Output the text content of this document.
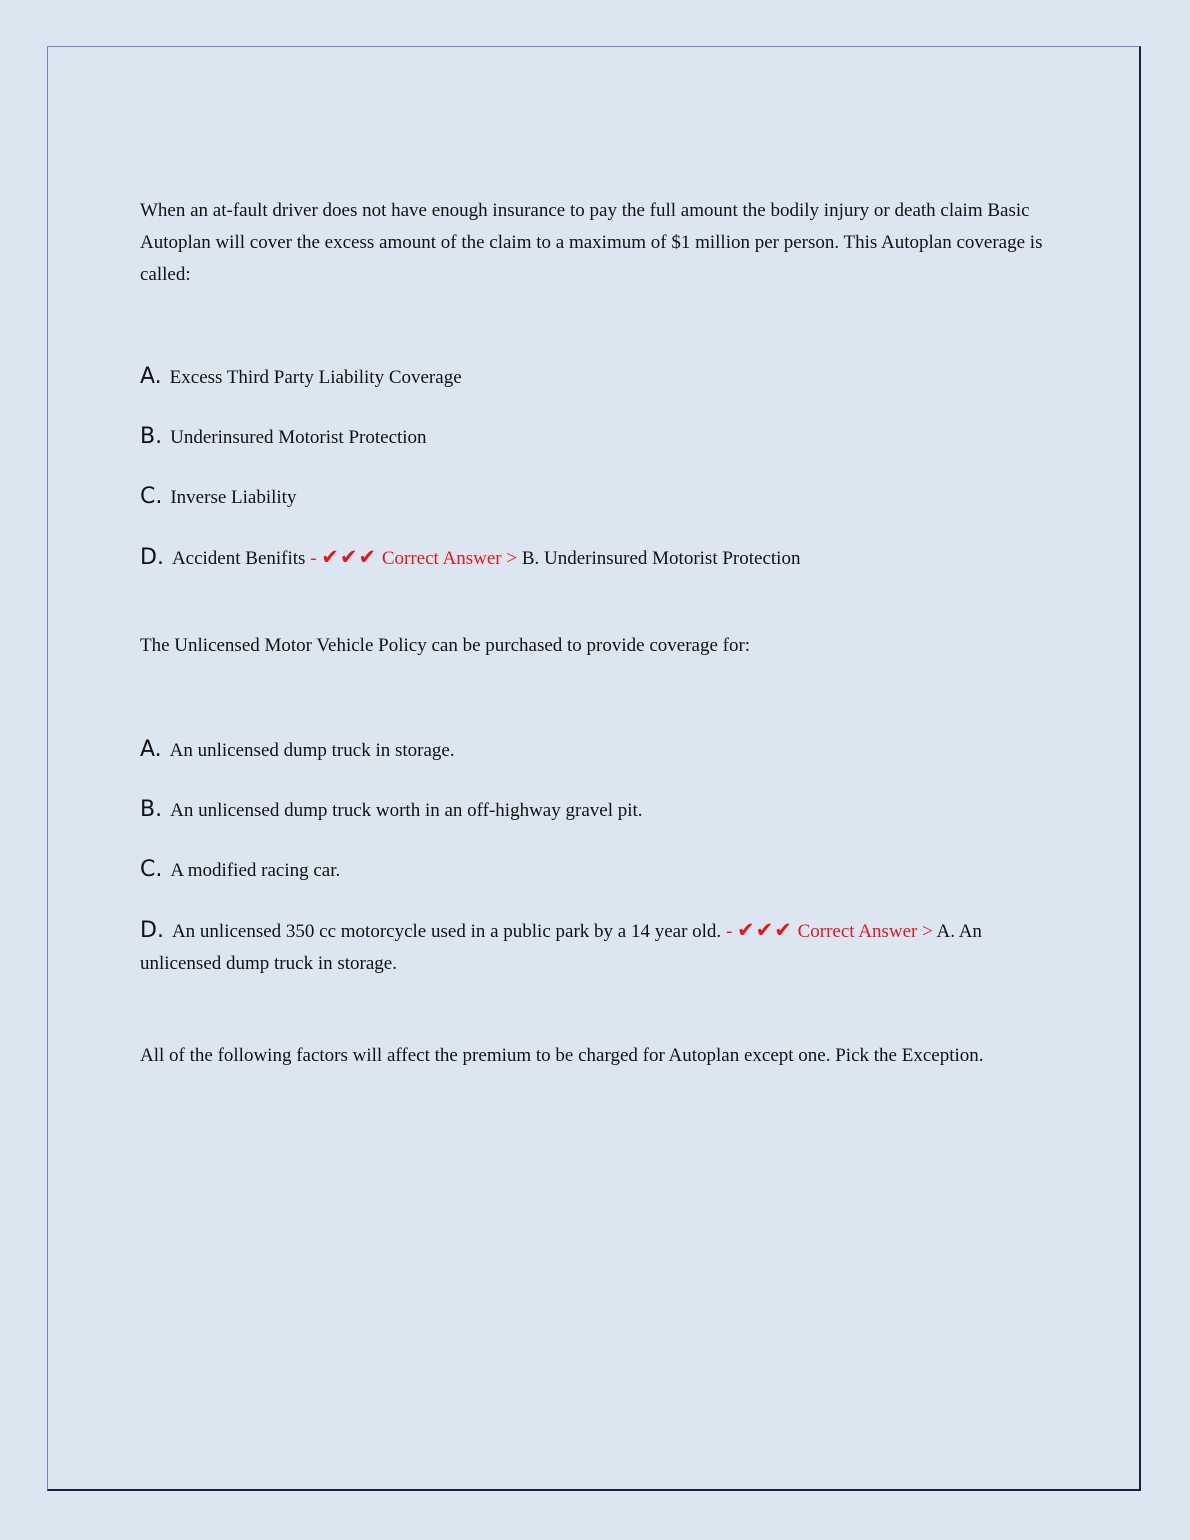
When an at-fault driver does not have enough insurance to pay the full amount the bodily injury or death claim Basic Autoplan will cover the excess amount of the claim to a maximum of $1 million per person. This Autoplan coverage is called:

A. Excess Third Party Liability Coverage

B. Underinsured Motorist Protection

C. Inverse Liability

D. Accident Benifits - ✔✔✔ Correct Answer > B. Underinsured Motorist Protection

The Unlicensed Motor Vehicle Policy can be purchased to provide coverage for:

A. An unlicensed dump truck in storage.

B. An unlicensed dump truck worth in an off-highway gravel pit.

C. A modified racing car.

D. An unlicensed 350 cc motorcycle used in a public park by a 14 year old. - ✔✔✔ Correct Answer > A. An unlicensed dump truck in storage.

All of the following factors will affect the premium to be charged for Autoplan except one. Pick the Exception.
